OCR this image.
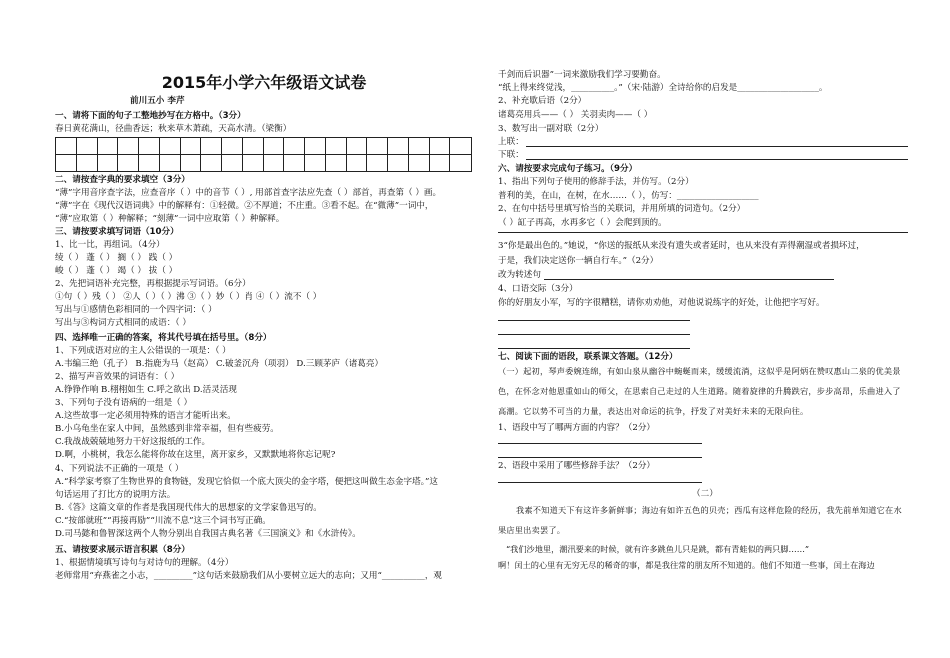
2015年小学六年级语文试卷
前川五小 李芹
一、请将下面的句子工整地抄写在方格中。（3分）
春日黄花满山，径曲香远；秋来草木萧疏，天高水清。（梁衡）
二、请按查字典的要求填空（3分）
“薄”字用音序查字法，应查音序（ ）中的音节（ ）, 用部首查字法应先查（ ）部首，再查第（ ）画。
“薄”字在《现代汉语词典》中的解释有：①轻微。②不厚道；不庄重。③看不起。在“微薄”一词中，
“薄”应取第（ ）种解释；“刻薄”一词中应取第（ ）种解释。
三、请按要求填写词语（10分）
1、比一比，再组词。（4分）
绫（ ） 蓬（ ） 搁（ ） 践（ ）
峻（ ） 蓬（ ） 竭（ ） 拔（ ）
2、先把词语补充完整，再根据提示写词语。（6分）
①句（ ）残（ ） ②人（ ）（ ）沸 ③（ ）妙（ ）肖 ④（ ）流不（ ）
写出与①感情色彩相同的一个四字词：（ ）
写出与③构词方式相同的成语：（ ）
四、选择唯一正确的答案，将其代号填在括号里。（8分）
1、下列成语对应的主人公错误的一项是：（ ）
A.韦编三绝（孔子） B.指鹿为马（赵高） C.破釜沉舟（项羽） D.三顾茅庐（诸葛亮）
2、描写声音效果的词语有：（ ）
A.铮铮作响 B.栩栩如生 C.呼之欲出 D.活灵活现
3、下列句子没有语病的一组是（ ）
A.这些故事一定必须用特殊的语言才能听出来。
B.小乌龟坐在家人中间，虽然感到非常幸福，但有些疲劳。
C.我战战兢兢地努力干好这报纸的工作。
D.啊，小桃树，我怎么能将你故在这里，离开家乡，又默默地将你忘记呢?
4、下列说法不正确的一项是（ ）
A.“科学家考察了生物世界的食物链，发现它恰似一个底大顶尖的金字塔，便把这叫做生态金字塔。”这
句话运用了打比方的说明方法。
B.《答》这篇文章的作者是我国现代伟大的思想家的文学家鲁迅写的。
C.“按部就班”“再接再励”“川流不息”这三个词书写正确。
D.司马懿和鲁智深这两个人物分别出自我国古典名著《三国演义》和《水浒传》。
五、请按要求展示语言积累（8分）
1、根据情境填写诗句与对诗句的理解。（4分）
老师常用“弃燕雀之小志，_________”这句话来鼓励我们从小要树立远大的志向；又用“__________，观
千剑而后识器”一词来激励我们学习要勤奋。
“纸上得来终觉浅，__________。”（宋·陆游）全诗给你的启发是___________________。
2、补充歇后语（2分）
诸葛亮用兵——（ ） 关羽卖肉——（ ）
3、数写出一副对联（2分）
上联：
下联：
六、请按要求完成句子练习。（9分）
1、指出下列句子使用的修辞手法，并仿写。（2分）
普利的美，在山，在树，在水……（ ），仿写：___________________
2、在句中括号里填写恰当的关联词，并用所填的词造句。（2分）
（ ）缸子再高，水再多它（ ）会爬到顶的。
3“你是最出色的。”她说，“你送的报纸从来没有遗失或者延时，也从来没有弄得潮湿或者损坏过，
于是，我们决定送你一辆自行车。”（2分）
改为转述句
4、口语交际（3分）
你的好朋友小军，写的字很糟糕，请你劝劝他，对他说说练字的好处，让他把字写好。
七、阅读下面的语段，联系课文答题。（12分）
（一）起初，琴声委婉连绵，有如山泉从幽谷中蜿蜒而来，缓缓流淌，这似乎是阿炳在赞叹惠山二泉的优美景色，在怀念对他恩重如山的师父，在思索自己走过的人生道路。随着旋律的升腾跌宕，步步高昂，乐曲进入了高潮。它以势不可当的力量，表达出对命运的抗争，抒发了对美好未来的无限向往。
1、语段中写了哪两方面的内容？（2分）
2、语段中采用了哪些修辞手法？（2分）
（二）
我素不知道天下有这许多新鲜事；海边有如许五色的贝壳；西瓜有这样危险的经历，我先前单知道它在水果店里出卖罢了。
“我们沙地里，潮汛要来的时候，就有许多跳鱼儿只是跳，都有青蛙似的两只脚……”
啊！闰土的心里有无穷无尽的稀奇的事，都是我往常的朋友所不知道的。他们不知道一些事，闰土在海边
